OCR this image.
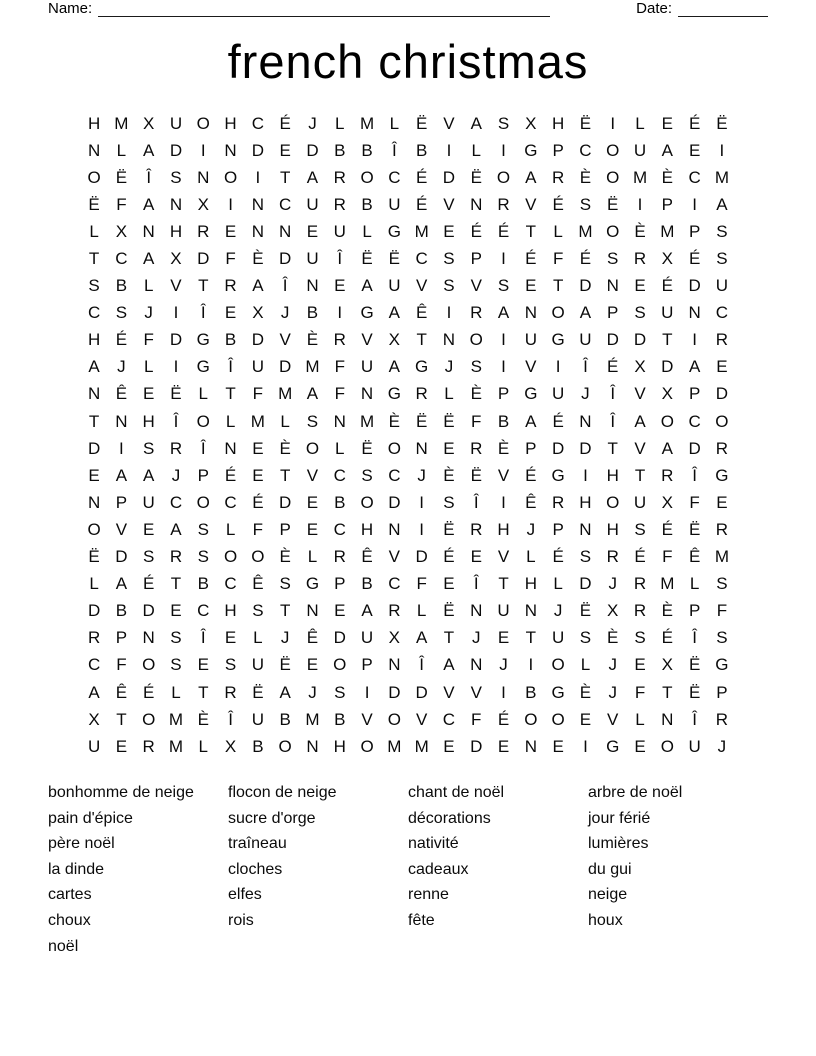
Name:	Date:
french christmas
H M X U O H C É	J	L M L Ë V A S X H Ë	I	L E É Ë
N L A D	I	N D E D B B	Î	B	I	L	I	G P C O U A E	I
O Ë	Î	S N O	I	T A R O C É D Ë O A R È O M È C M
Ë F A N X	I	N C U R B U É V N R V É S Ë	I	P	I	A
L X N H R E N N E U L G M E É É T	L M O È M P S
T C A X D F È D U	Î	Ë Ë C S P	I	É F É S R X É S
S B L V T R A	Î	N E A U V S V S E T D N E É D U
C S	J	I	Î	E X	J	B	I	G A Ê	I	R A N O A P S U N C
H É F D G B D V È R V X T N O	I	U G U D D T	I	R
A	J	L	I	G	Î	U D M F U A G J	S	I	V	I	Î	É X D A E
N Ê E Ë L	T F M A F N G R L È P G U J	Î	V X P D
T N H	Î	O L M L S N M È Ë Ë F B A É N	Î	A O C O
D	I	S R	Î	N E È O L Ë O N E R È P D D T V A D R
E A A	J	P É E T V C S C J	È Ë V É G	I	H T R	Î	G
N P U C O C É D E B O D	I	S	Î	I	Ê R H O U X F E
O V E A S L	F P E C H N	I	Ë R H J	P N H S É Ë R
Ë D S R S O O È L R Ê V D É E V L É S R É F Ê M
L A É T B C Ê S G P B C F E	Î	T H L D J R M L S
D B D E C H S T N E A R L Ë N U N J	Ë X R È P F
R P N S	Î	E L	J	Ê D U X A T	J	E T U S È S É	Î	S
C F O S E S U Ë E O P N	Î	A N J	I	O L	J	E X Ë G
A Ê É L	T R Ë A	J	S	I	D D V V	I	B G È	J	F T Ë P
X T O M È	Î	U B M B V O V C F É O O E V L N	Î	R
U E R M L X B O N H O M M E D E N E	I	G E O U J
bonhomme de neige
pain d'épice
père noël
la dinde
cartes
choux
noël
flocon de neige
sucre d'orge
traîneau
cloches
elfes
rois
chant de noël
décorations
nativité
cadeaux
renne
fête
arbre de noël
jour férié
lumières
du gui
neige
houx
